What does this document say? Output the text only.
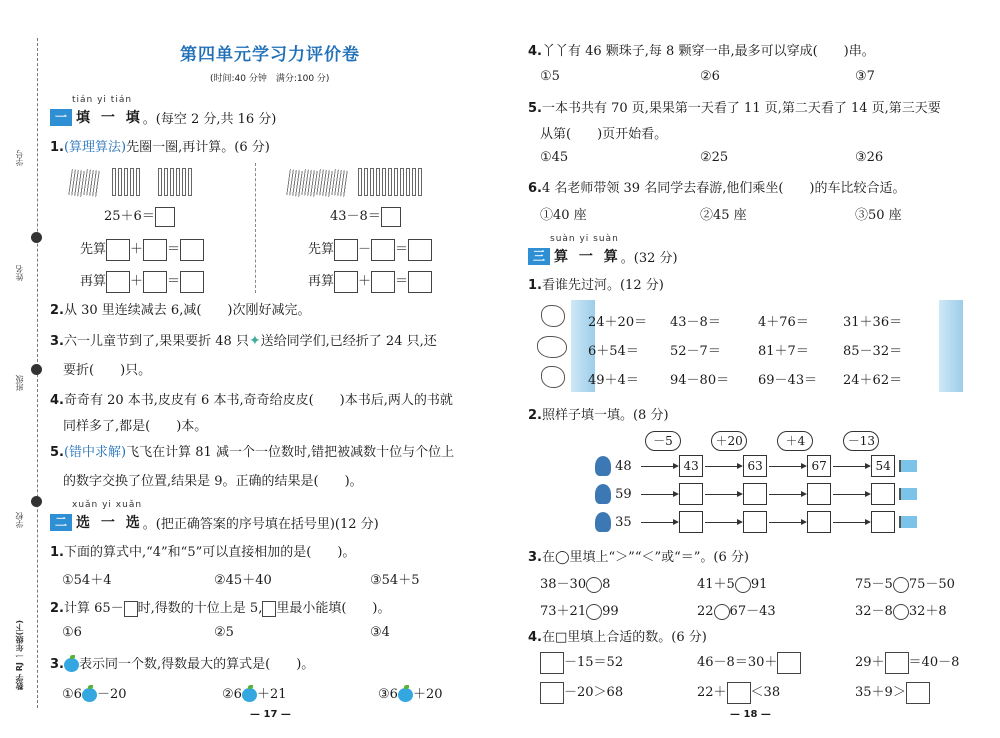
学号
姓名
班级
学校
数学 RJ 一年级(下)
第四单元学习力评价卷
(时间:40 分钟　满分:100 分)
tián yi tián
一 填 一 填 。(每空 2 分,共 16 分)
1.(算理算法)先圈一圈,再计算。(6 分)

25＋6＝	43－8＝
先算 ＋ ＝
再算 ＋ ＝
先算 － ＝
再算 ＋ ＝
2.从 30 里连续减去 6,减(　　)次刚好减完。
3.六一儿童节到了,果果要折 48 只✦送给同学们,已经折了 24 只,还
要折(　　)只。
4.奇奇有 20 本书,皮皮有 6 本书,奇奇给皮皮(　　)本书后,两人的书就
同样多了,都是(　　)本。
5.(错中求解)飞飞在计算 81 减一个一位数时,错把被减数十位与个位上
的数字交换了位置,结果是 9。正确的结果是(　　)。
xuǎn yi xuǎn
二 选 一 选 。(把正确答案的序号填在括号里)(12 分)
1.下面的算式中,“4”和“5”可以直接相加的是(　　)。
①54＋4	②45＋40	③54＋5
2.计算 65－ 时,得数的十位上是 5, 里最小能填(　　)。
①6	②5	③4
3. 表示同一个数,得数最大的算式是(　　)。
①6 －20	②6 ＋21	③6 ＋20
— 17 —
4.丫丫有 46 颗珠子,每 8 颗穿一串,最多可以穿成(　　)串。
①5	②6	③7
5.一本书共有 70 页,果果第一天看了 11 页,第二天看了 14 页,第三天要
从第(　　)页开始看。
①45	②25	③26
6.4 名老师带领 39 名同学去春游,他们乘坐(　　)的车比较合适。
①40 座	②45 座	③50 座
suàn yi suàn
三 算 一 算 。(32 分)
1.看谁先过河。(12 分)
24＋20＝ 43－8＝	4＋76＝	31＋36＝
6＋54＝ 52－7＝	81＋7＝	85－32＝
49＋4＝ 94－80＝ 69－43＝ 24＋62＝
2.照样子填一填。(8 分)
－5	＋20	＋4	－13
48	43	63	67	54
59
35
3.在◯里填上“＞”“＜”或“＝”。(6 分)
38－30 8	41＋5 91	75－5 75－50
73＋21 99	22 67－43	32－8 32＋8
4.在□里填上合适的数。(6 分)
－15＝52	46－8＝30＋	29＋ ＝40－8
－20＞68	22＋ ＜38	35＋9＞
— 18 —
